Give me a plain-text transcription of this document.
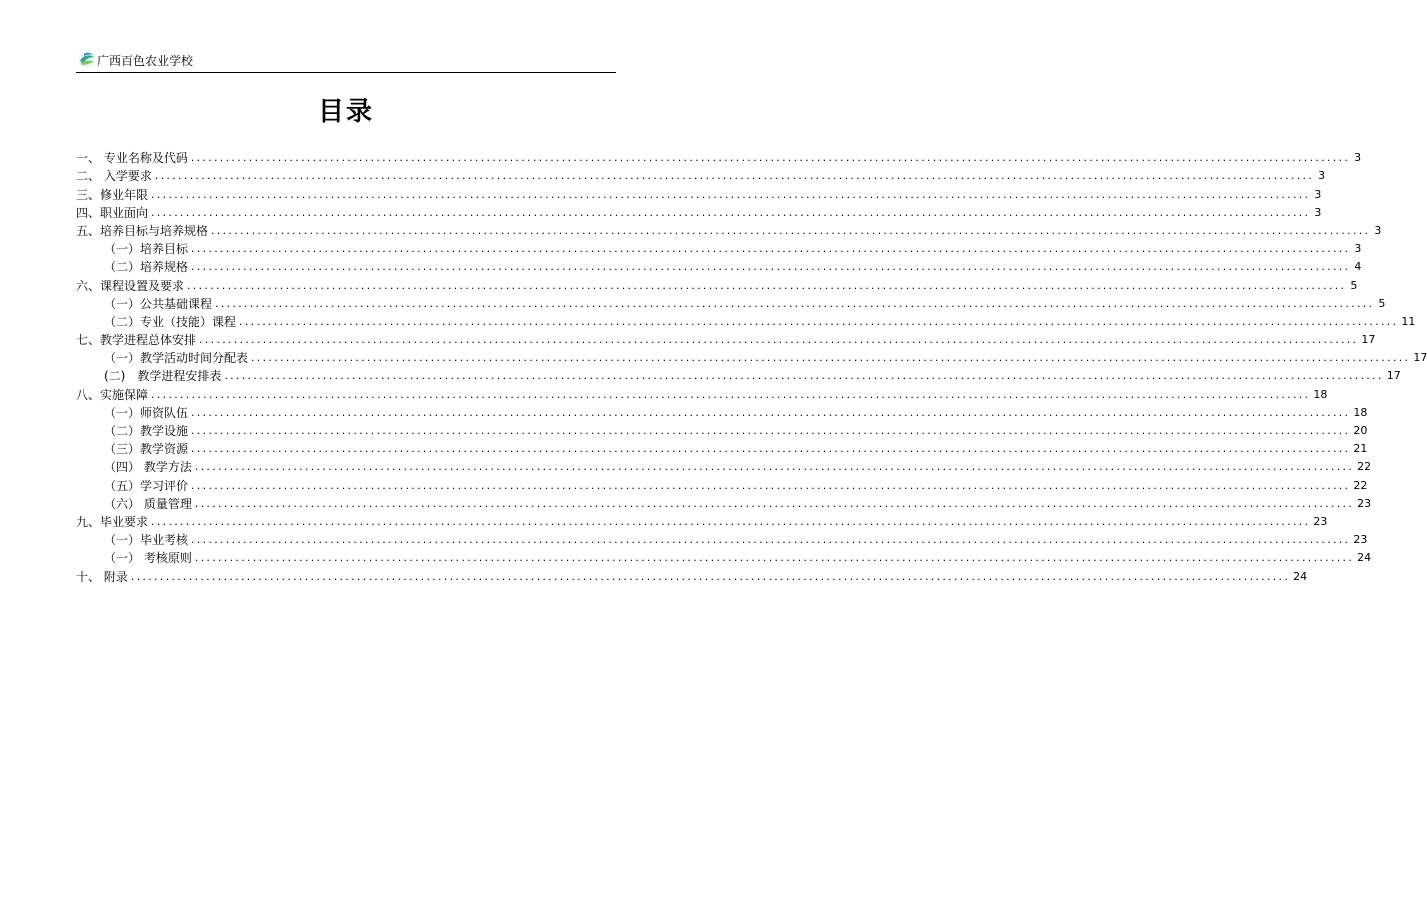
广西百色农业学校
目录
一、 专业名称及代码 ........................................................................................................................................................................................................ 3
二、 入学要求 ........................................................................................................................................................................................................ 3
三、修业年限 ........................................................................................................................................................................................................ 3
四、职业面向 ........................................................................................................................................................................................................ 3
五、培养目标与培养规格 ........................................................................................................................................................................................................ 3
（一）培养目标 ........................................................................................................................................................................................................ 3
（二）培养规格 ........................................................................................................................................................................................................ 4
六、课程设置及要求 ........................................................................................................................................................................................................ 5
（一）公共基础课程 ........................................................................................................................................................................................................ 5
（二）专业（技能）课程 ........................................................................................................................................................................................................ 11
七、教学进程总体安排 ........................................................................................................................................................................................................ 17
（一）教学活动时间分配表 ........................................................................................................................................................................................................ 17
(二)　教学进程安排表 ........................................................................................................................................................................................................ 17
八、实施保障 ........................................................................................................................................................................................................ 18
（一）师资队伍 ........................................................................................................................................................................................................ 18
（二）教学设施 ........................................................................................................................................................................................................ 20
（三）教学资源 ........................................................................................................................................................................................................ 21
（四） 教学方法 ........................................................................................................................................................................................................ 22
（五）学习评价 ........................................................................................................................................................................................................ 22
（六） 质量管理 ........................................................................................................................................................................................................ 23
九、毕业要求 ........................................................................................................................................................................................................ 23
（一）毕业考核 ........................................................................................................................................................................................................ 23
（一） 考核原则 ........................................................................................................................................................................................................ 24
十、 附录 ........................................................................................................................................................................................................ 24
